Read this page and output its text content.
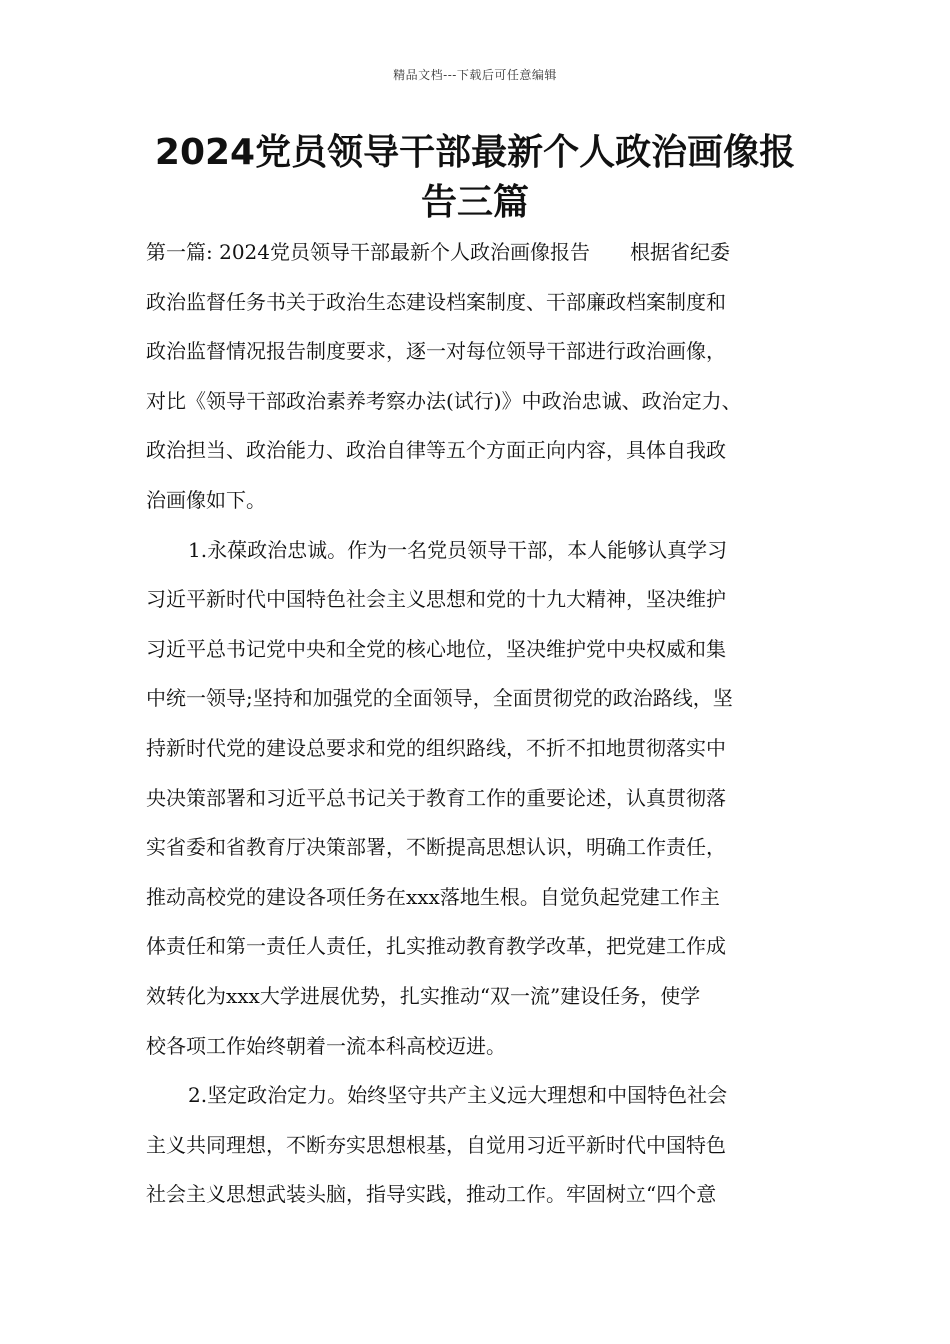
精品文档---下载后可任意编辑
2024党员领导干部最新个人政治画像报
告三篇

第一篇: 2024党员领导干部最新个人政治画像报告　　根据省纪委
政治监督任务书关于政治生态建设档案制度、干部廉政档案制度和
政治监督情况报告制度要求，逐一对每位领导干部进行政治画像，
对比《领导干部政治素养考察办法(试行)》中政治忠诚、政治定力、
政治担当、政治能力、政治自律等五个方面正向内容，具体自我政
治画像如下。

1.永葆政治忠诚。作为一名党员领导干部，本人能够认真学习
习近平新时代中国特色社会主义思想和党的十九大精神，坚决维护
习近平总书记党中央和全党的核心地位，坚决维护党中央权威和集
中统一领导;坚持和加强党的全面领导，全面贯彻党的政治路线，坚
持新时代党的建设总要求和党的组织路线，不折不扣地贯彻落实中
央决策部署和习近平总书记关于教育工作的重要论述，认真贯彻落
实省委和省教育厅决策部署，不断提高思想认识，明确工作责任，
推动高校党的建设各项任务在xxx落地生根。自觉负起党建工作主
体责任和第一责任人责任，扎实推动教育教学改革，把党建工作成
效转化为xxx大学进展优势，扎实推动“双一流”建设任务，使学
校各项工作始终朝着一流本科高校迈进。

2.坚定政治定力。始终坚守共产主义远大理想和中国特色社会
主义共同理想，不断夯实思想根基，自觉用习近平新时代中国特色
社会主义思想武装头脑，指导实践，推动工作。牢固树立“四个意
